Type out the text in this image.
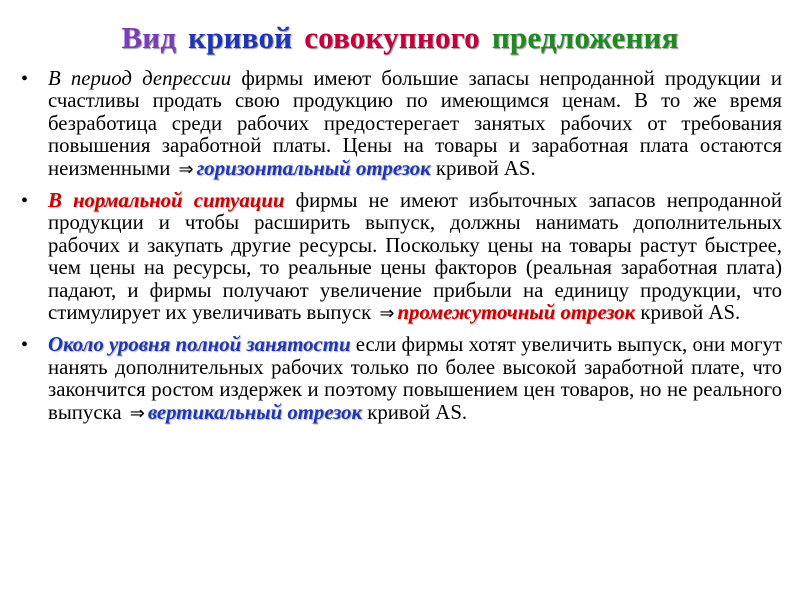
Вид кривой совокупного предложения
• В период депрессии фирмы имеют большие запасы непроданной продукции и счастливы продать свою продукцию по имеющимся ценам. В то же время безработица среди рабочих предостерегает занятых рабочих от требования повышения заработной платы. Цены на товары и заработная плата остаются неизменными ⇒ горизонтальный отрезок кривой AS.
• В нормальной ситуации фирмы не имеют избыточных запасов непроданной продукции и чтобы расширить выпуск, должны нанимать дополнительных рабочих и закупать другие ресурсы. Поскольку цены на товары растут быстрее, чем цены на ресурсы, то реальные цены факторов (реальная заработная плата) падают, и фирмы получают увеличение прибыли на единицу продукции, что стимулирует их увеличивать выпуск ⇒ промежуточный отрезок кривой AS.
• Около уровня полной занятости если фирмы хотят увеличить выпуск, они могут нанять дополнительных рабочих только по более высокой заработной плате, что закончится ростом издержек и поэтому повышением цен товаров, но не реального выпуска ⇒ вертикальный отрезок кривой AS.
